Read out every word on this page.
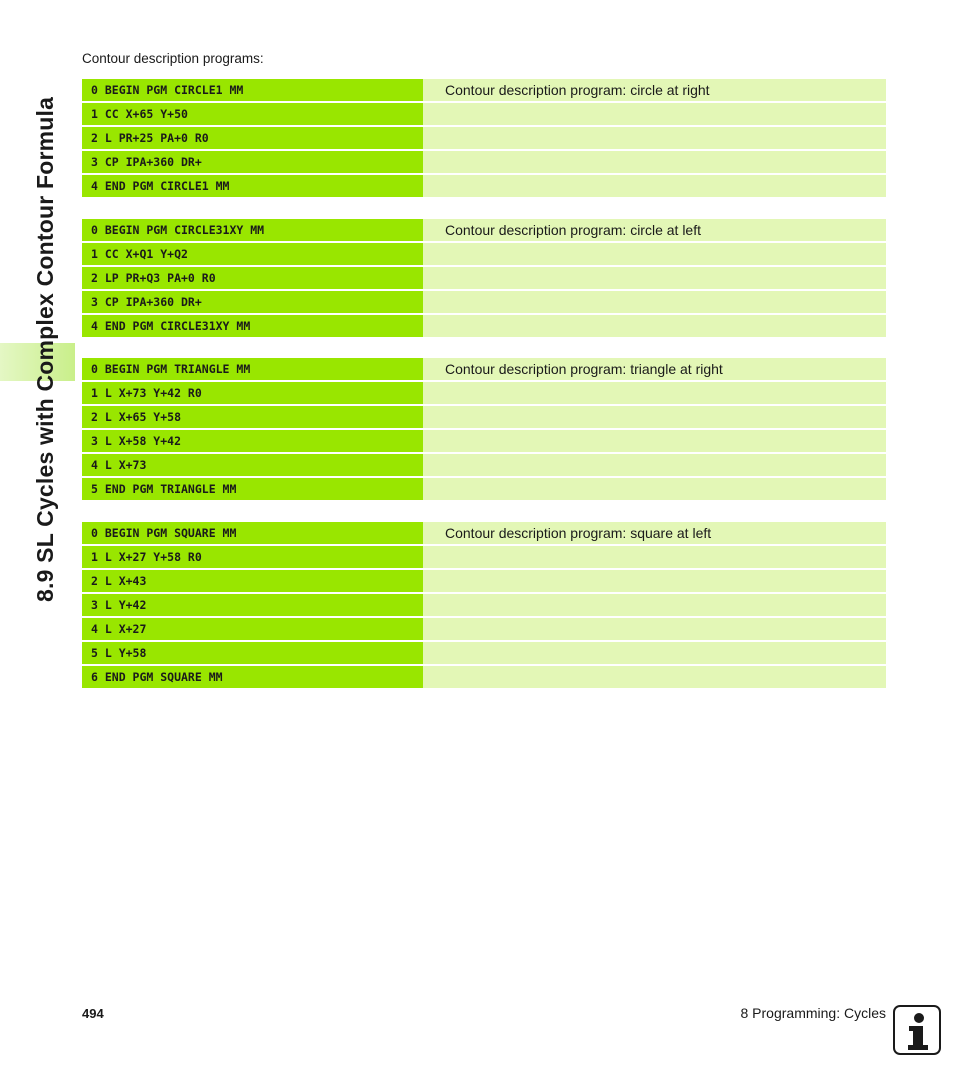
8.9 SL Cycles with Complex Contour Formula
Contour description programs:
0 BEGIN PGM CIRCLE1 MM	Contour description program: circle at right
1 CC X+65 Y+50
2 L PR+25 PA+0 R0
3 CP IPA+360 DR+
4 END PGM CIRCLE1 MM
0 BEGIN PGM CIRCLE31XY MM	Contour description program: circle at left
1 CC X+Q1 Y+Q2
2 LP PR+Q3 PA+0 R0
3 CP IPA+360 DR+
4 END PGM CIRCLE31XY MM
0 BEGIN PGM TRIANGLE MM	Contour description program: triangle at right
1 L X+73 Y+42 R0
2 L X+65 Y+58
3 L X+58 Y+42
4 L X+73
5 END PGM TRIANGLE MM
0 BEGIN PGM SQUARE MM	Contour description program: square at left
1 L X+27 Y+58 R0
2 L X+43
3 L Y+42
4 L X+27
5 L Y+58
6 END PGM SQUARE MM
494	8 Programming: Cycles
